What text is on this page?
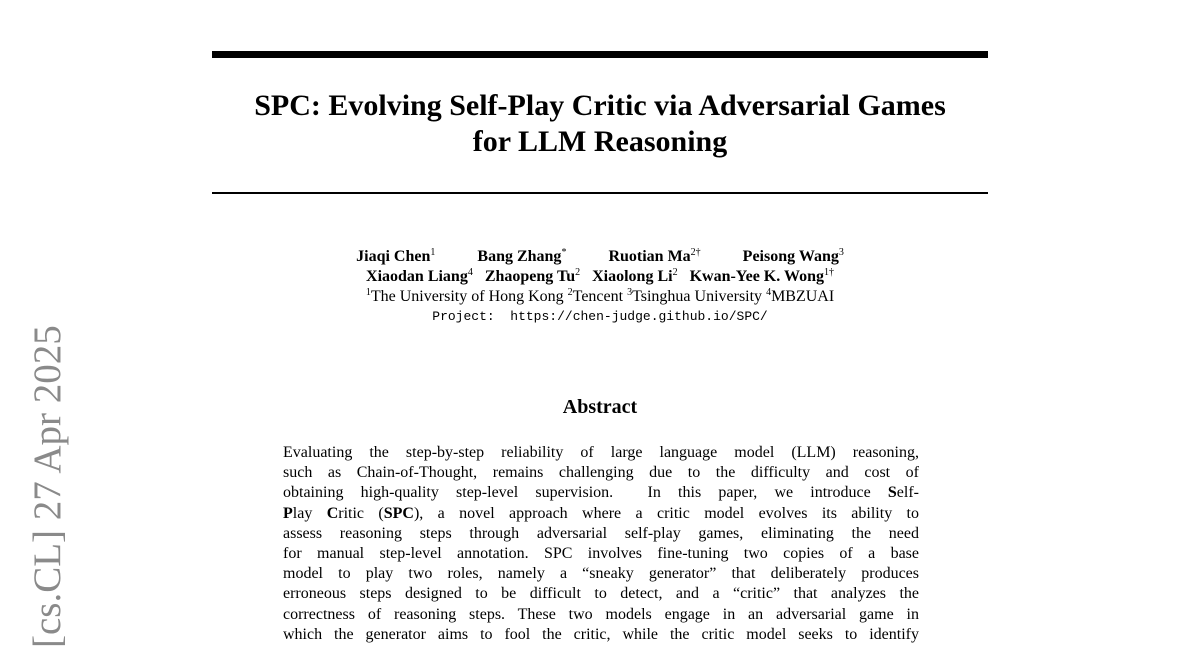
[cs.CL] 27 Apr 2025
SPC: Evolving Self-Play Critic via Adversarial Games
for LLM Reasoning
Jiaqi Chen$^1$	Bang Zhang*	Ruotian $Ma^{2\dagger}$	Peisong Wang$^3$
Xiaodan Liang$^4$ Zhaopeng Tu$^2$ Xiaolong Li$^2$ Kwan-Yee K. Wong$^{1\dagger}$
$^1$The University of Hong Kong $^2$Tencent $^3$Tsinghua University $^4$MBZUAI
Project:  https://chen-judge.github.io/SPC/
Abstract
Evaluating the step-by-step reliability of large language model (LLM) reasoning,
such as Chain-of-Thought, remains challenging due to the difficulty and cost of
obtaining high-quality step-level supervision.  In this paper, we introduce Self-
Play Critic (SPC), a novel approach where a critic model evolves its ability to
assess reasoning steps through adversarial self-play games, eliminating the need
for manual step-level annotation. SPC involves fine-tuning two copies of a base
model to play two roles, namely a “sneaky generator” that deliberately produces
erroneous steps designed to be difficult to detect, and a “critic” that analyzes the
correctness of reasoning steps. These two models engage in an adversarial game in
which the generator aims to fool the critic, while the critic model seeks to identify
